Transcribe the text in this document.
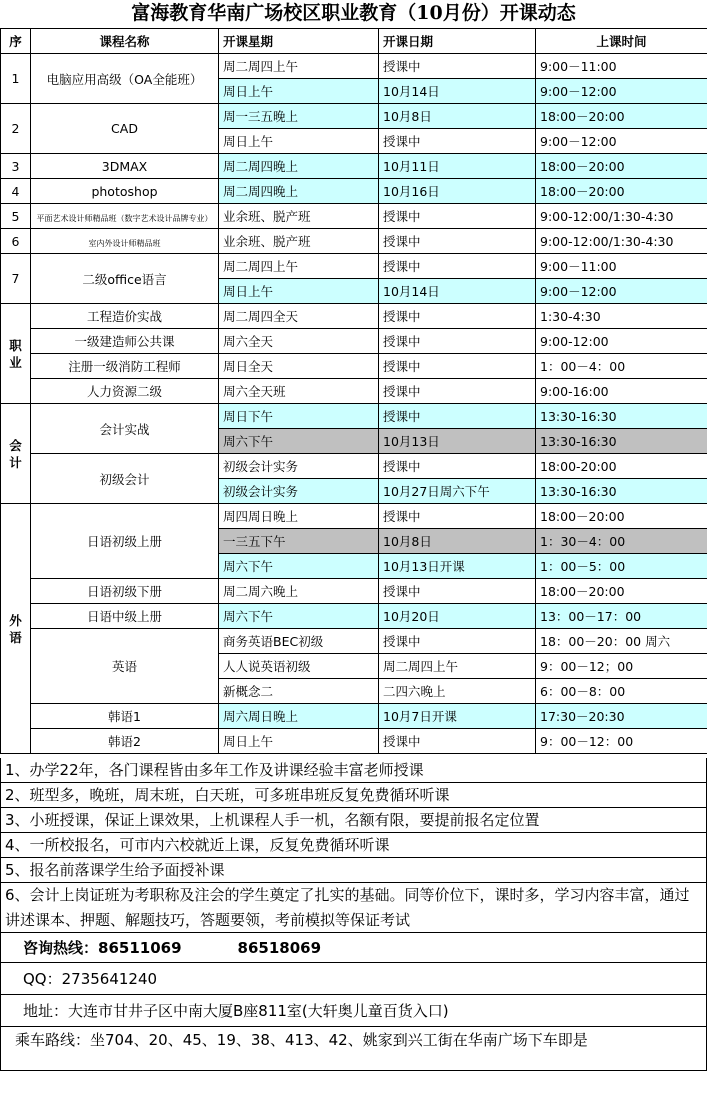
富海教育华南广场校区职业教育（10月份）开课动态
序	课程名称	开课星期	开课日期	上课时间
1	电脑应用高级（OA全能班）	周二周四上午	授课中	9:00－11:00
		周日上午	10月14日	9:00－12:00
2	CAD	周一三五晚上	10月8日	18:00－20:00
		周日上午	授课中	9:00－12:00
3	3DMAX	周二周四晚上	10月11日	18:00－20:00
4	photoshop	周二周四晚上	10月16日	18:00－20:00
5	平面艺术设计师精品班（数字艺术设计品牌专业）	业余班、脱产班	授课中	9:00-12:00/1:30-4:30
6	室内外设计师精品班	业余班、脱产班	授课中	9:00-12:00/1:30-4:30
7	二级office语言	周二周四上午	授课中	9:00－11:00
		周日上午	10月14日	9:00－12:00

职
业	工程造价实战	周二周四全天	授课中	1:30-4:30
	一级建造师公共课	周六全天	授课中	9:00-12:00
	注册一级消防工程师	周日全天	授课中	1：00－4：00
	人力资源二级	周六全天班	授课中	9:00-16:00

会
计	会计实战	周日下午	授课中	13:30-16:30
		周六下午	10月13日	13:30-16:30
	初级会计	初级会计实务	授课中	18:00-20:00
		初级会计实务	10月27日周六下午	13:30-16:30

外
语	日语初级上册	周四周日晚上	授课中	18:00－20:00
		一三五下午	10月8日	1：30－4：00
		周六下午	10月13日开课	1：00－5：00
	日语初级下册	周二周六晚上	授课中	18:00－20:00
	日语中级上册	周六下午	10月20日	13：00－17：00
	英语	商务英语BEC初级	授课中	18：00－20：00 周六
		人人说英语初级	周二周四上午	9：00－12；00
		新概念二	二四六晚上	6：00－8：00
	韩语1	周六周日晚上	10月7日开课	17:30－20:30
	韩语2	周日上午	授课中	9：00－12：00
1、办学22年，各门课程皆由多年工作及讲课经验丰富老师授课
2、班型多，晚班，周末班，白天班，可多班串班反复免费循环听课
3、小班授课，保证上课效果，上机课程人手一机，名额有限，要提前报名定位置
4、一所校报名，可市内六校就近上课，反复免费循环听课
5、报名前落课学生给予面授补课
6、会计上岗证班为考职称及注会的学生奠定了扎实的基础。同等价位下，课时多，学习内容丰富，通过讲述课本、押题、解题技巧，答题要领，考前模拟等保证考试
咨询热线：86511069	86518069
QQ：2735641240
地址：大连市甘井子区中南大厦B座811室(大轩奥儿童百货入口)
乘车路线：坐704、20、45、19、38、413、42、姚家到兴工街在华南广场下车即是
